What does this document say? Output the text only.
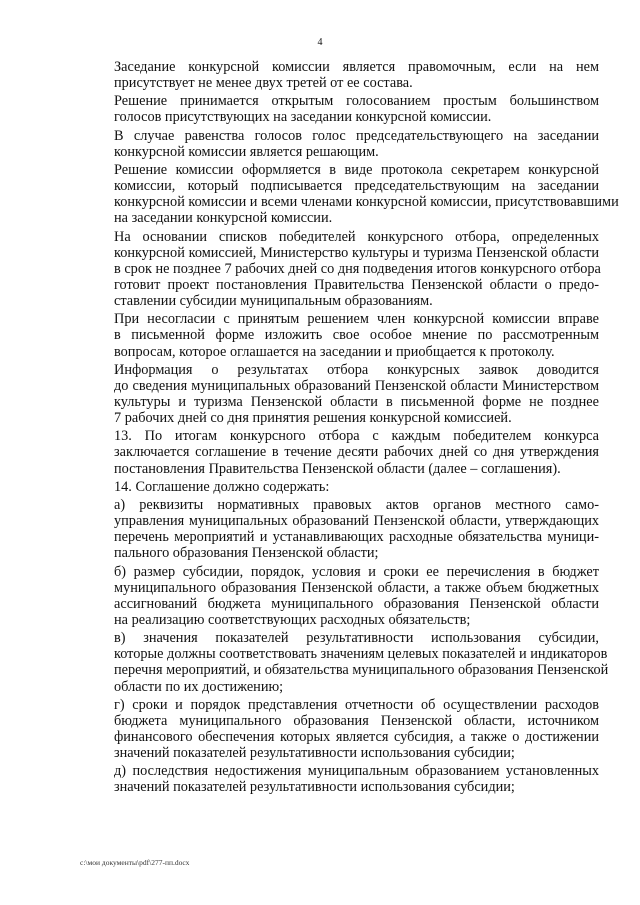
4
Заседание конкурсной комиссии является правомочным, если на нем
присутствует не менее двух третей от ее состава.
Решение принимается открытым голосованием простым большинством
голосов присутствующих на заседании конкурсной комиссии.
В случае равенства голосов голос председательствующего на заседании
конкурсной комиссии является решающим.
Решение комиссии оформляется в виде протокола секретарем конкурсной
комиссии, который подписывается председательствующим на заседании
конкурсной комиссии и всеми членами конкурсной комиссии, присутствовавшими
на заседании конкурсной комиссии.
На основании списков победителей конкурсного отбора, определенных
конкурсной комиссией, Министерство культуры и туризма Пензенской области
в срок не позднее 7 рабочих дней со дня подведения итогов конкурсного отбора
готовит проект постановления Правительства Пензенской области о предо-
ставлении субсидии муниципальным образованиям.
При несогласии с принятым решением член конкурсной комиссии вправе
в письменной форме изложить свое особое мнение по рассмотренным
вопросам, которое оглашается на заседании и приобщается к протоколу.
Информация о результатах отбора конкурсных заявок доводится
до сведения муниципальных образований Пензенской области Министерством
культуры и туризма Пензенской области в письменной форме не позднее
7 рабочих дней со дня принятия решения конкурсной комиссией.
13. По итогам конкурсного отбора с каждым победителем конкурса
заключается соглашение в течение десяти рабочих дней со дня утверждения
постановления Правительства Пензенской области (далее – соглашения).
14. Соглашение должно содержать:
а) реквизиты нормативных правовых актов органов местного само-
управления муниципальных образований Пензенской области, утверждающих
перечень мероприятий и устанавливающих расходные обязательства муници-
пального образования Пензенской области;
б) размер субсидии, порядок, условия и сроки ее перечисления в бюджет
муниципального образования Пензенской области, а также объем бюджетных
ассигнований бюджета муниципального образования Пензенской области
на реализацию соответствующих расходных обязательств;
в) значения показателей результативности использования субсидии,
которые должны соответствовать значениям целевых показателей и индикаторов
перечня мероприятий, и обязательства муниципального образования Пензенской
области по их достижению;
г) сроки и порядок представления отчетности об осуществлении расходов
бюджета муниципального образования Пензенской области, источником
финансового обеспечения которых является субсидия, а также о достижении
значений показателей результативности использования субсидии;
д) последствия недостижения муниципальным образованием установленных
значений показателей результативности использования субсидии;
c:\мои документы\pdf\277-пп.docx
